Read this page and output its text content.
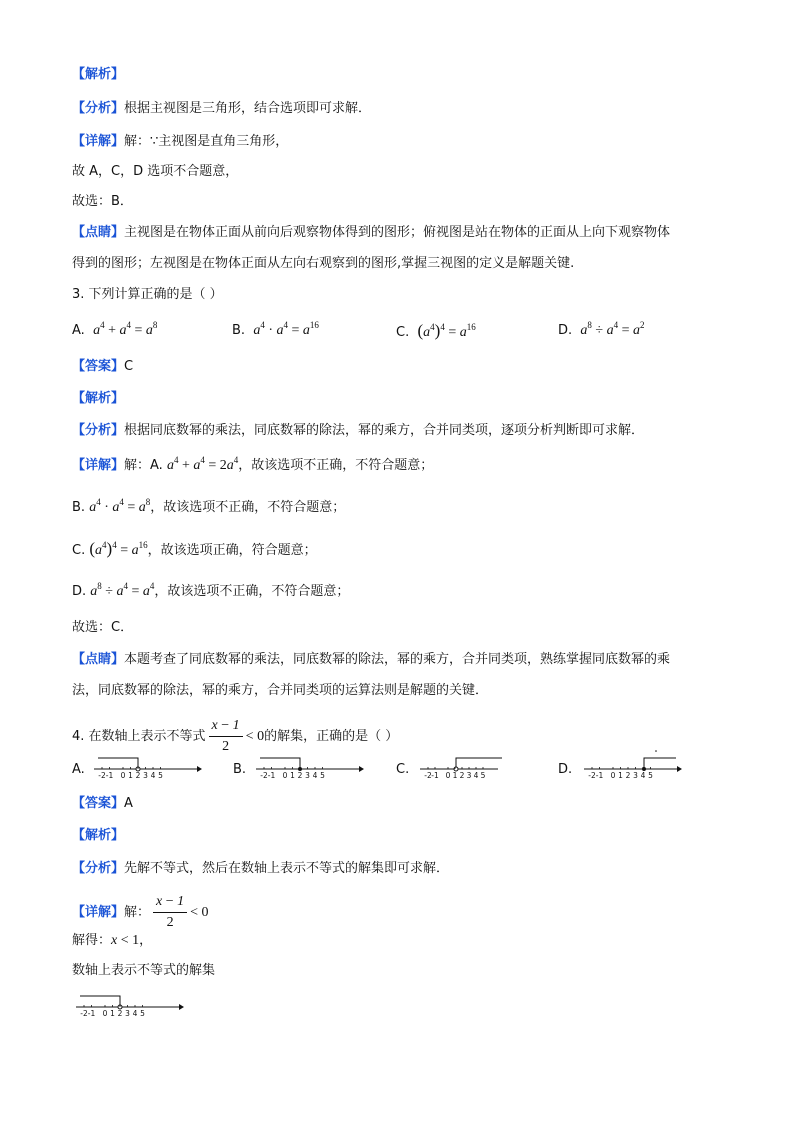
【解析】
【分析】根据主视图是三角形，结合选项即可求解．
【详解】解：∵主视图是直角三角形，
故 A，C，D 选项不合题意，
故选：B．
【点睛】主视图是在物体正面从前向后观察物体得到的图形；俯视图是站在物体的正面从上向下观察物体
得到的图形；左视图是在物体正面从左向右观察到的图形,掌握三视图的定义是解题关键.
3. 下列计算正确的是（ ）
A. $a^4 + a^4 = a^8$	B. $a^4 \cdot a^4 = a^{16}$	C. $(a^4)^4 = a^{16}$	D. $a^8 \div a^4 = a^2$
【答案】C
【解析】
【分析】根据同底数幂的乘法，同底数幂的除法，幂的乘方，合并同类项，逐项分析判断即可求解．
【详解】解：A. $a^4 + a^4 = 2a^4$，故该选项不正确，不符合题意；
B. $a^4 \cdot a^4 = a^8$，故该选项不正确，不符合题意；
C. $(a^4)^4 = a^{16}$，故该选项正确，符合题意；
D. $a^8 \div a^4 = a^4$，故该选项不正确，不符合题意；
故选：C．
【点睛】本题考查了同底数幂的乘法，同底数幂的除法，幂的乘方，合并同类项，熟练掌握同底数幂的乘
法，同底数幂的除法，幂的乘方，合并同类项的运算法则是解题的关键．
4. 在数轴上表示不等式 $\frac{x - 1}{2} < 0$的解集，正确的是（ ）
A. -2 -1 0 1 2 3 4 5	B. -2 -1 0 1 2 3 4 5	C. -2 -1 0 1 2 3 4 5	D. -2 -1 0 1 2 3 4 5
【答案】A
【解析】
【分析】先解不等式，然后在数轴上表示不等式的解集即可求解．
【详解】解： $\frac{x - 1}{2} < 0$
解得：x < 1，
数轴上表示不等式的解集
-2 -1 0 1 2 3 4 5
